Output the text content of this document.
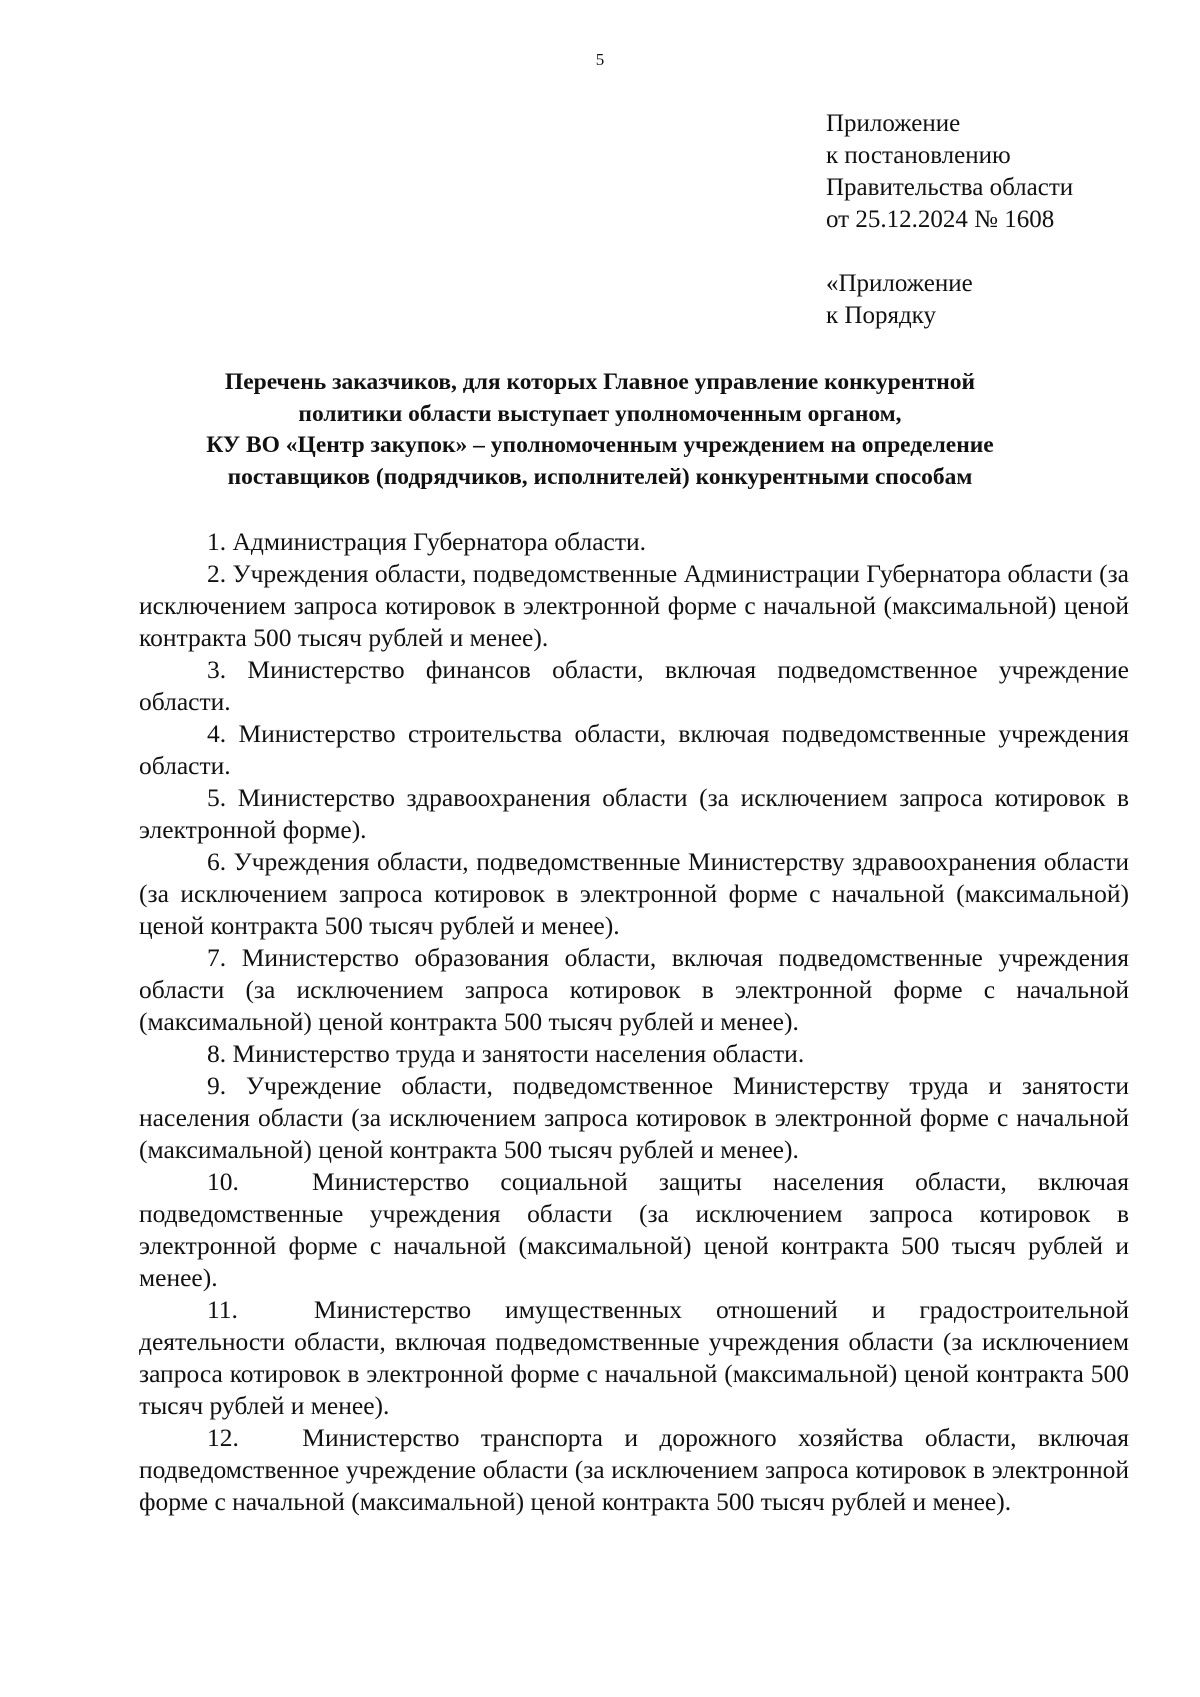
5
Приложение
к постановлению
Правительства области
от 25.12.2024 № 1608
«Приложение
к Порядку
Перечень заказчиков, для которых Главное управление конкурентной
политики области выступает уполномоченным органом,
КУ ВО «Центр закупок» – уполномоченным учреждением на определение
поставщиков (подрядчиков, исполнителей) конкурентными способам

1. Администрация Губернатора области.

2. Учреждения области, подведомственные Администрации Губернатора области (за исключением запроса котировок в электронной форме с начальной (максимальной) ценой контракта 500 тысяч рублей и менее).

3. Министерство финансов области, включая подведомственное учреждение области.

4. Министерство строительства области, включая подведомственные учреждения области.

5. Министерство здравоохранения области (за исключением запроса котировок в электронной форме).

6. Учреждения области, подведомственные Министерству здравоохранения области (за исключением запроса котировок в электронной форме с начальной (максимальной) ценой контракта 500 тысяч рублей и менее).

7. Министерство образования области, включая подведомственные учреждения области (за исключением запроса котировок в электронной форме с начальной (максимальной) ценой контракта 500 тысяч рублей и менее).

8. Министерство труда и занятости населения области.

9. Учреждение области, подведомственное Министерству труда и занятости населения области (за исключением запроса котировок в электронной форме с начальной (максимальной) ценой контракта 500 тысяч рублей и менее).

10.	Министерство социальной защиты населения области, включая подведомственные учреждения области (за исключением запроса котировок в электронной форме с начальной (максимальной) ценой контракта 500 тысяч рублей и менее).

11.	Министерство имущественных отношений и градостроительной деятельности области, включая подведомственные учреждения области (за исключением запроса котировок в электронной форме с начальной (максимальной) ценой контракта 500 тысяч рублей и менее).

12. Министерство транспорта и дорожного хозяйства области, включая подведомственное учреждение области (за исключением запроса котировок в электронной форме с начальной (максимальной) ценой контракта 500 тысяч рублей и менее).
